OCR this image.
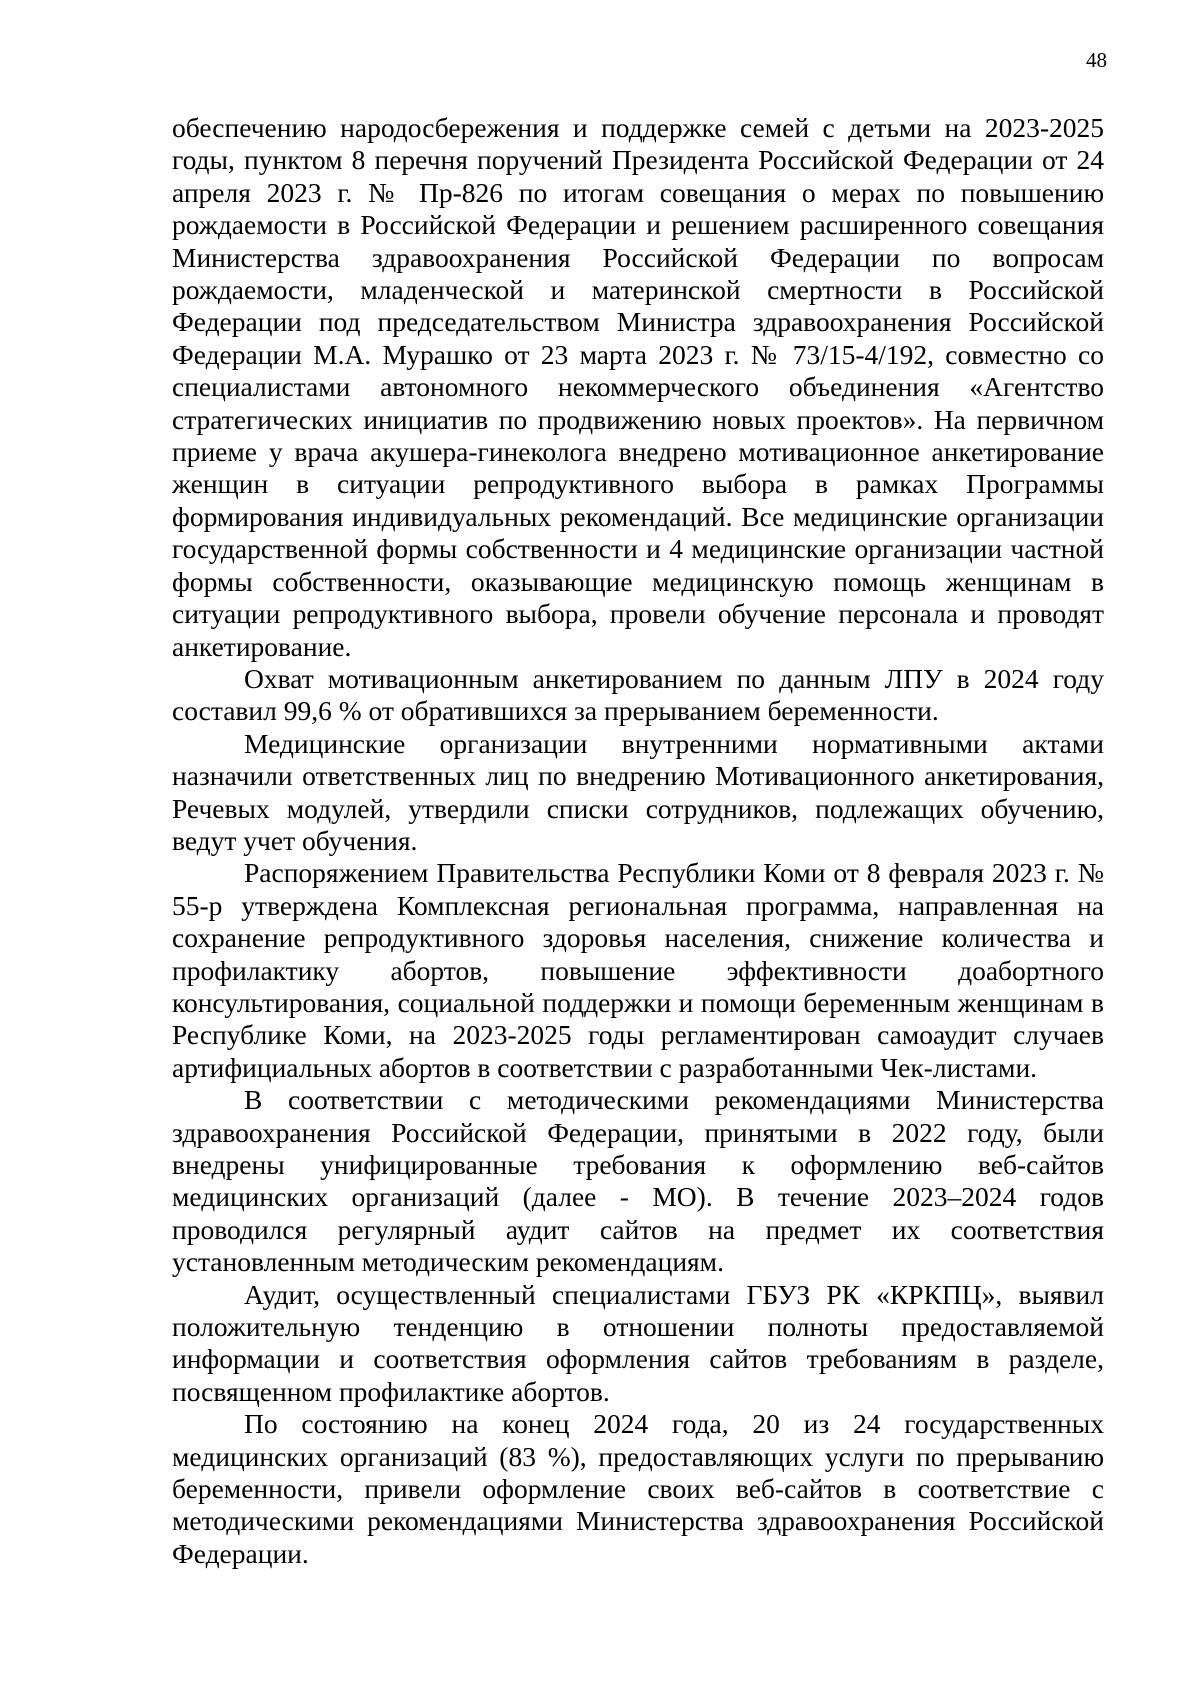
48

обеспечению народосбережения и поддержке семей с детьми на 2023-2025 годы, пунктом 8 перечня поручений Президента Российской Федерации от 24 апреля 2023 г. № Пр-826 по итогам совещания о мерах по повышению рождаемости в Российской Федерации и решением расширенного совещания Министерства здравоохранения Российской Федерации по вопросам рождаемости, младенческой и материнской смертности в Российской Федерации под председательством Министра здравоохранения Российской Федерации М.А. Мурашко от 23 марта 2023 г. № 73/15-4/192, совместно со специалистами автономного некоммерческого объединения «Агентство стратегических инициатив по продвижению новых проектов». На первичном приеме у врача акушера-гинеколога внедрено мотивационное анкетирование женщин в ситуации репродуктивного выбора в рамках Программы формирования индивидуальных рекомендаций. Все медицинские организации государственной формы собственности и 4 медицинские организации частной формы собственности, оказывающие медицинскую помощь женщинам в ситуации репродуктивного выбора, провели обучение персонала и проводят анкетирование.

Охват мотивационным анкетированием по данным ЛПУ в 2024 году составил 99,6 % от обратившихся за прерыванием беременности.

Медицинские организации внутренними нормативными актами назначили ответственных лиц по внедрению Мотивационного анкетирования, Речевых модулей, утвердили списки сотрудников, подлежащих обучению, ведут учет обучения.

Распоряжением Правительства Республики Коми от 8 февраля 2023 г. № 55-р утверждена Комплексная региональная программа, направленная на сохранение репродуктивного здоровья населения, снижение количества и профилактику абортов, повышение эффективности доабортного консультирования, социальной поддержки и помощи беременным женщинам в Республике Коми, на 2023-2025 годы регламентирован самоаудит случаев артифициальных абортов в соответствии с разработанными Чек-листами.

В соответствии с методическими рекомендациями Министерства здравоохранения Российской Федерации, принятыми в 2022 году, были внедрены унифицированные требования к оформлению веб-сайтов медицинских организаций (далее - МО). В течение 2023–2024 годов проводился регулярный аудит сайтов на предмет их соответствия установленным методическим рекомендациям.

Аудит, осуществленный специалистами ГБУЗ РК «КРКПЦ», выявил положительную тенденцию в отношении полноты предоставляемой информации и соответствия оформления сайтов требованиям в разделе, посвященном профилактике абортов.

По состоянию на конец 2024 года, 20 из 24 государственных медицинских организаций (83 %), предоставляющих услуги по прерыванию беременности, привели оформление своих веб-сайтов в соответствие с методическими рекомендациями Министерства здравоохранения Российской Федерации.
